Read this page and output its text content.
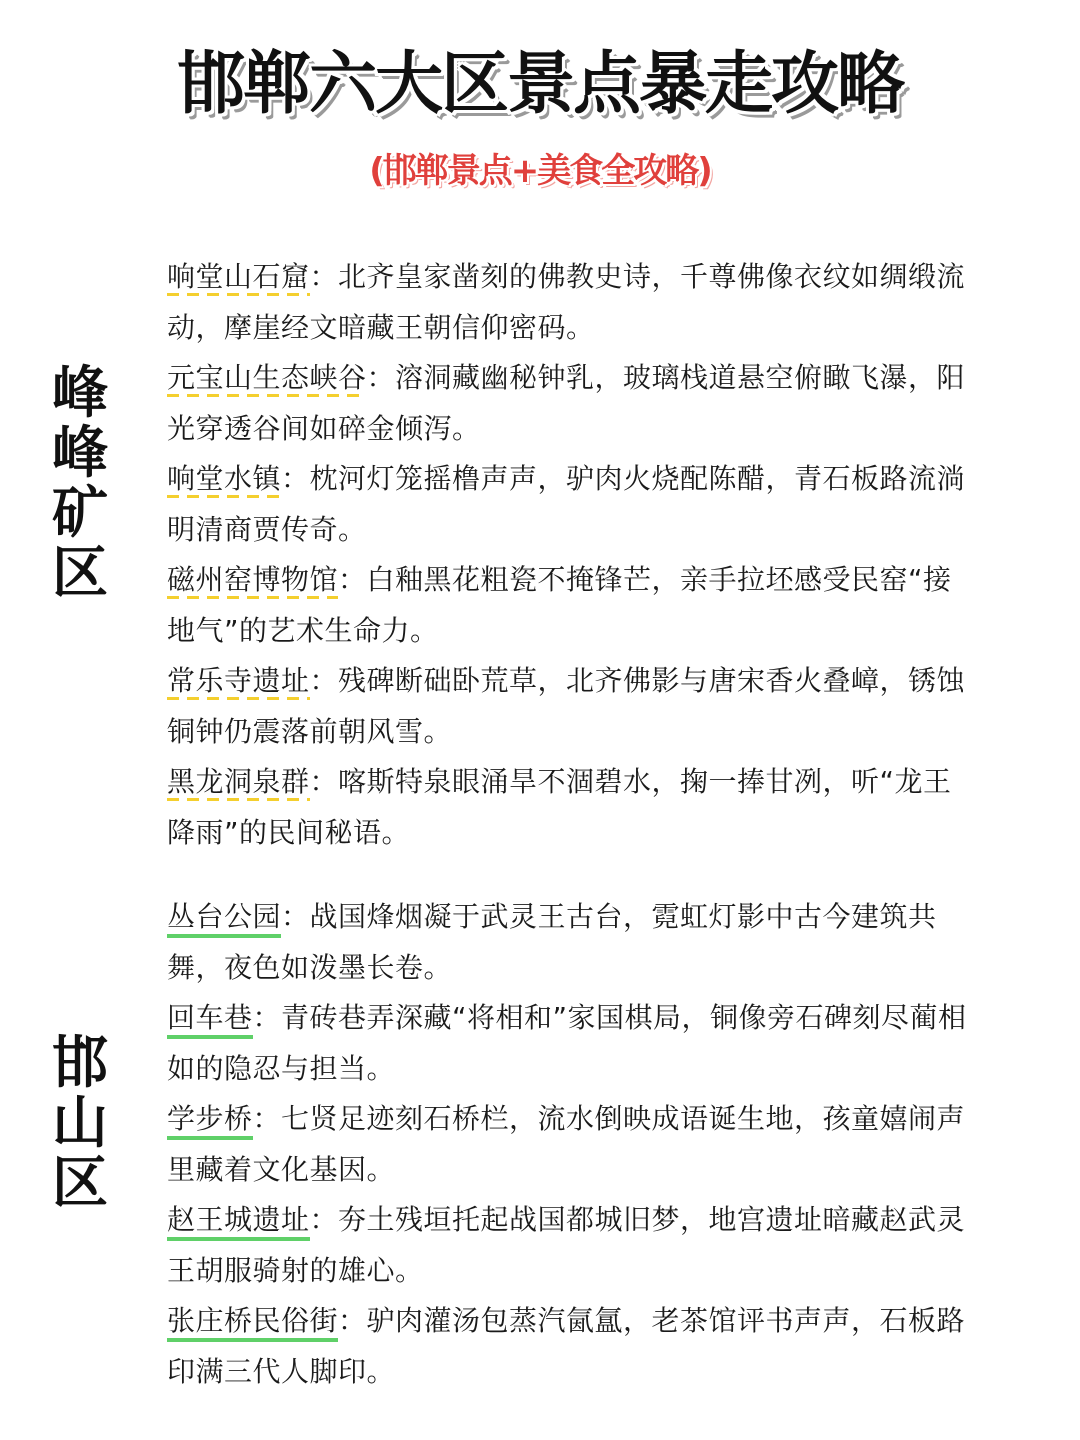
邯郸六大区景点暴走攻略
(邯郸景点+美食全攻略)
峰峰矿区
响堂山石窟：北齐皇家凿刻的佛教史诗，千尊佛像衣纹如绸缎流动，摩崖经文暗藏王朝信仰密码。
元宝山生态峡谷：溶洞藏幽秘钟乳，玻璃栈道悬空俯瞰飞瀑，阳光穿透谷间如碎金倾泻。
响堂水镇：枕河灯笼摇橹声声，驴肉火烧配陈醋，青石板路流淌明清商贾传奇。
磁州窑博物馆：白釉黑花粗瓷不掩锋芒，亲手拉坯感受民窑“接地气”的艺术生命力。
常乐寺遗址：残碑断础卧荒草，北齐佛影与唐宋香火叠嶂，锈蚀铜钟仍震落前朝风雪。
黑龙洞泉群：喀斯特泉眼涌旱不涸碧水，掬一捧甘冽，听“龙王降雨”的民间秘语。
邯山区
丛台公园：战国烽烟凝于武灵王古台，霓虹灯影中古今建筑共舞，夜色如泼墨长卷。
回车巷：青砖巷弄深藏“将相和”家国棋局，铜像旁石碑刻尽蔺相如的隐忍与担当。
学步桥：七贤足迹刻石桥栏，流水倒映成语诞生地，孩童嬉闹声里藏着文化基因。
赵王城遗址：夯土残垣托起战国都城旧梦，地宫遗址暗藏赵武灵王胡服骑射的雄心。
张庄桥民俗街：驴肉灌汤包蒸汽氤氲，老茶馆评书声声，石板路印满三代人脚印。
